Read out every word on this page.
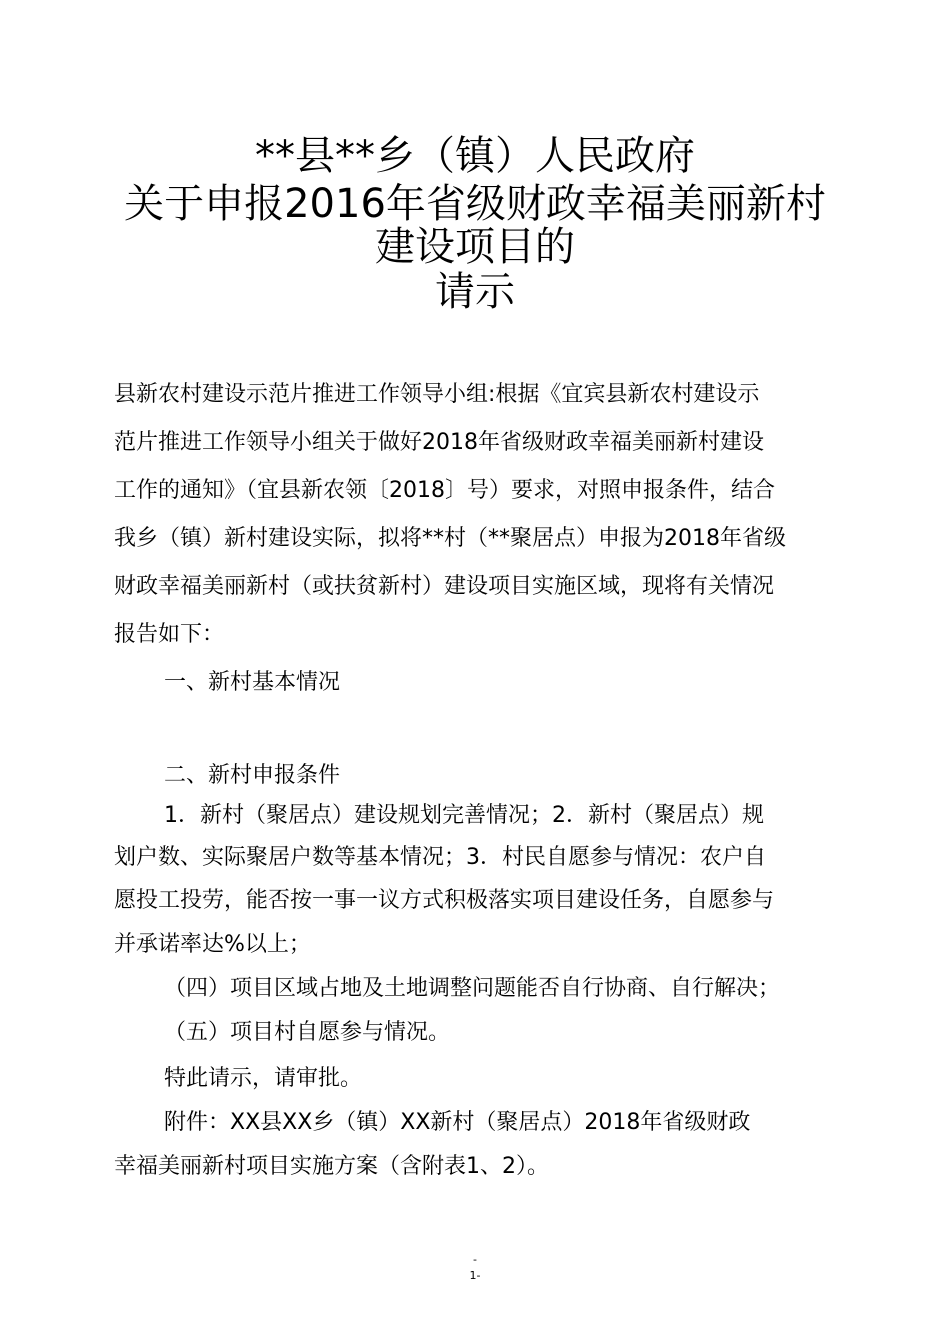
**县**乡（镇）人民政府
关于申报2016年省级财政幸福美丽新村
建设项目的
请示
县新农村建设示范片推进工作领导小组:根据《宜宾县新农村建设示
范片推进工作领导小组关于做好2018年省级财政幸福美丽新村建设
工作的通知》（宜县新农领〔2018〕号）要求，对照申报条件，结合
我乡（镇）新村建设实际，拟将**村（**聚居点）申报为2018年省级
财政幸福美丽新村（或扶贫新村）建设项目实施区域，现将有关情况
报告如下：
一、新村基本情况
二、新村申报条件
1．新村（聚居点）建设规划完善情况；2．新村（聚居点）规
划户数、实际聚居户数等基本情况；3．村民自愿参与情况：农户自
愿投工投劳，能否按一事一议方式积极落实项目建设任务，自愿参与
并承诺率达%以上；
（四）项目区域占地及土地调整问题能否自行协商、自行解决；
（五）项目村自愿参与情况。
特此请示，请审批。
附件：XX县XX乡（镇）XX新村（聚居点）2018年省级财政
幸福美丽新村项目实施方案（含附表1、2）。
-
1-
